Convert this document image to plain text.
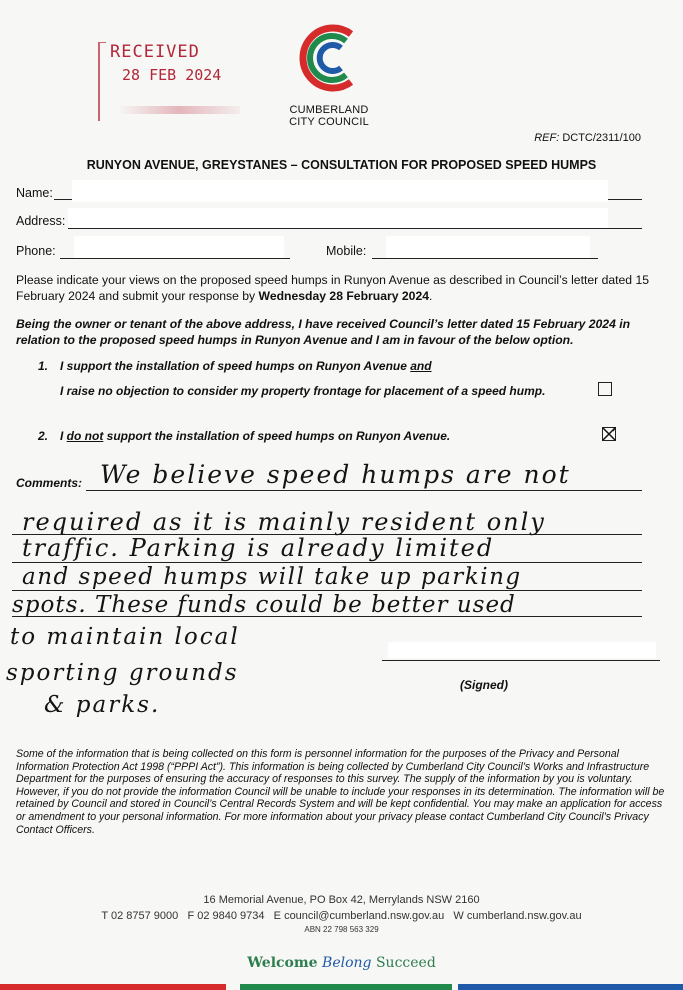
RECEIVED
28 FEB 2024
CUMBERLAND
CITY COUNCIL
REF: DCTC/2311/100
RUNYON AVENUE, GREYSTANES – CONSULTATION FOR PROPOSED SPEED HUMPS
Name:
Address:
Phone:	Mobile:
Please indicate your views on the proposed speed humps in Runyon Avenue as described in Council’s letter dated 15 February 2024 and submit your response by Wednesday 28 February 2024.
Being the owner or tenant of the above address, I have received Council’s letter dated 15 February 2024 in relation to the proposed speed humps in Runyon Avenue and I am in favour of the below option.
1. I support the installation of speed humps on Runyon Avenue and
I raise no objection to consider my property frontage for placement of a speed hump.
2. I do not support the installation of speed humps on Runyon Avenue.
Comments: We believe speed humps are not
required as it is mainly resident only
traffic. Parking is already limited
and speed humps will take up parking
spots. These funds could be better used
to maintain local
sporting grounds
& parks.
(Signed)
Some of the information that is being collected on this form is personnel information for the purposes of the Privacy and Personal Information Protection Act 1998 (“PPPI Act”). This information is being collected by Cumberland City Council’s Works and Infrastructure Department for the purposes of ensuring the accuracy of responses to this survey. The supply of the information by you is voluntary. However, if you do not provide the information Council will be unable to include your responses in its determination. The information will be retained by Council and stored in Council’s Central Records System and will be kept confidential. You may make an application for access or amendment to your personal information. For more information about your privacy please contact Cumberland City Council’s Privacy Contact Officers.
16 Memorial Avenue, PO Box 42, Merrylands NSW 2160
T 02 8757 9000   F 02 9840 9734   E council@cumberland.nsw.gov.au   W cumberland.nsw.gov.au
ABN 22 798 563 329
Welcome Belong Succeed
